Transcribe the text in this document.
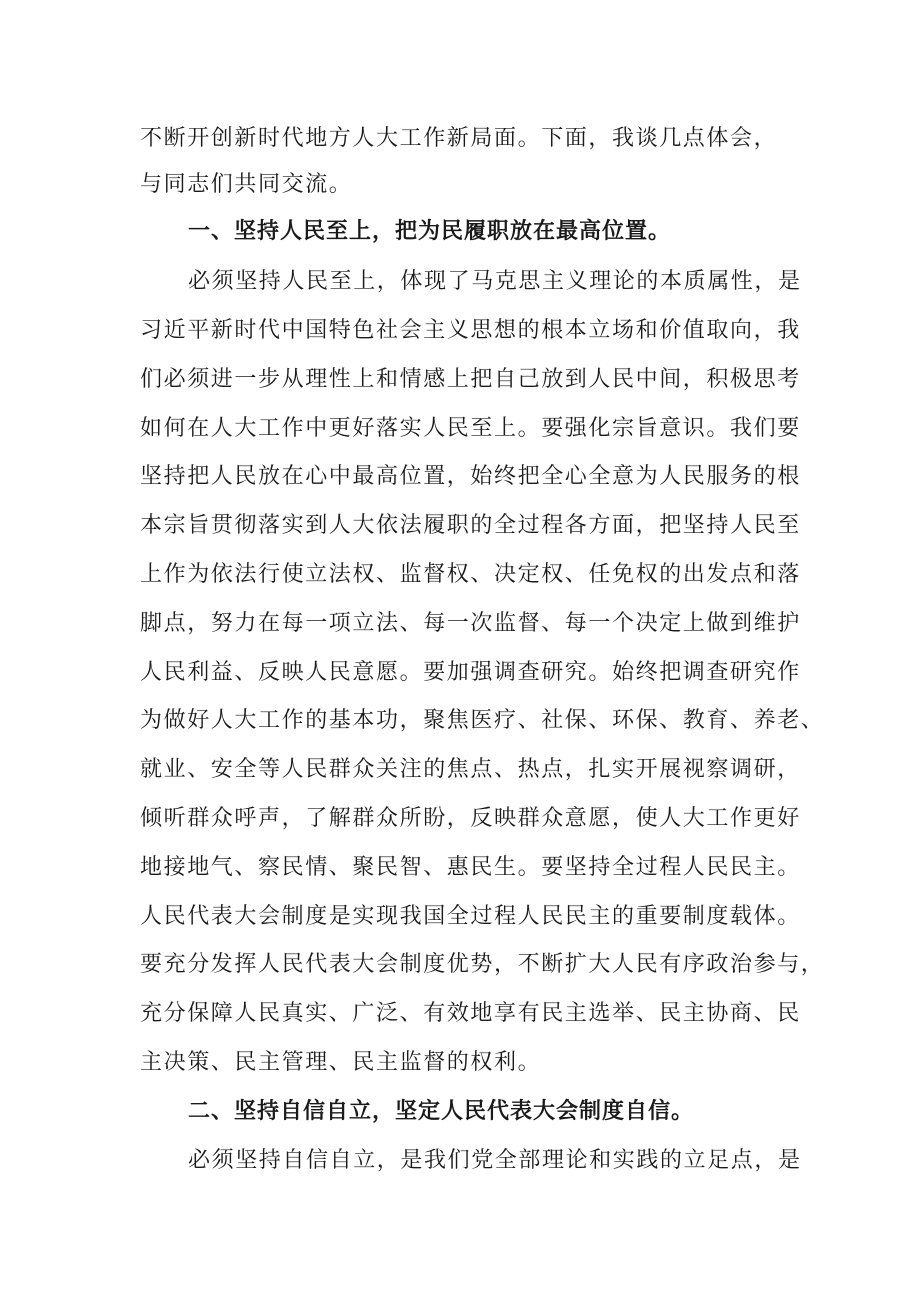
不断开创新时代地方人大工作新局面。下面，我谈几点体会，
与同志们共同交流。
一、坚持人民至上，把为民履职放在最高位置。
必须坚持人民至上，体现了马克思主义理论的本质属性，是
习近平新时代中国特色社会主义思想的根本立场和价值取向，我
们必须进一步从理性上和情感上把自己放到人民中间，积极思考
如何在人大工作中更好落实人民至上。要强化宗旨意识。我们要
坚持把人民放在心中最高位置，始终把全心全意为人民服务的根
本宗旨贯彻落实到人大依法履职的全过程各方面，把坚持人民至
上作为依法行使立法权、监督权、决定权、任免权的出发点和落
脚点，努力在每一项立法、每一次监督、每一个决定上做到维护
人民利益、反映人民意愿。要加强调查研究。始终把调查研究作
为做好人大工作的基本功，聚焦医疗、社保、环保、教育、养老、
就业、安全等人民群众关注的焦点、热点，扎实开展视察调研，
倾听群众呼声，了解群众所盼，反映群众意愿，使人大工作更好
地接地气、察民情、聚民智、惠民生。要坚持全过程人民民主。
人民代表大会制度是实现我国全过程人民民主的重要制度载体。
要充分发挥人民代表大会制度优势，不断扩大人民有序政治参与，
充分保障人民真实、广泛、有效地享有民主选举、民主协商、民
主决策、民主管理、民主监督的权利。
二、坚持自信自立，坚定人民代表大会制度自信。
必须坚持自信自立，是我们党全部理论和实践的立足点，是
